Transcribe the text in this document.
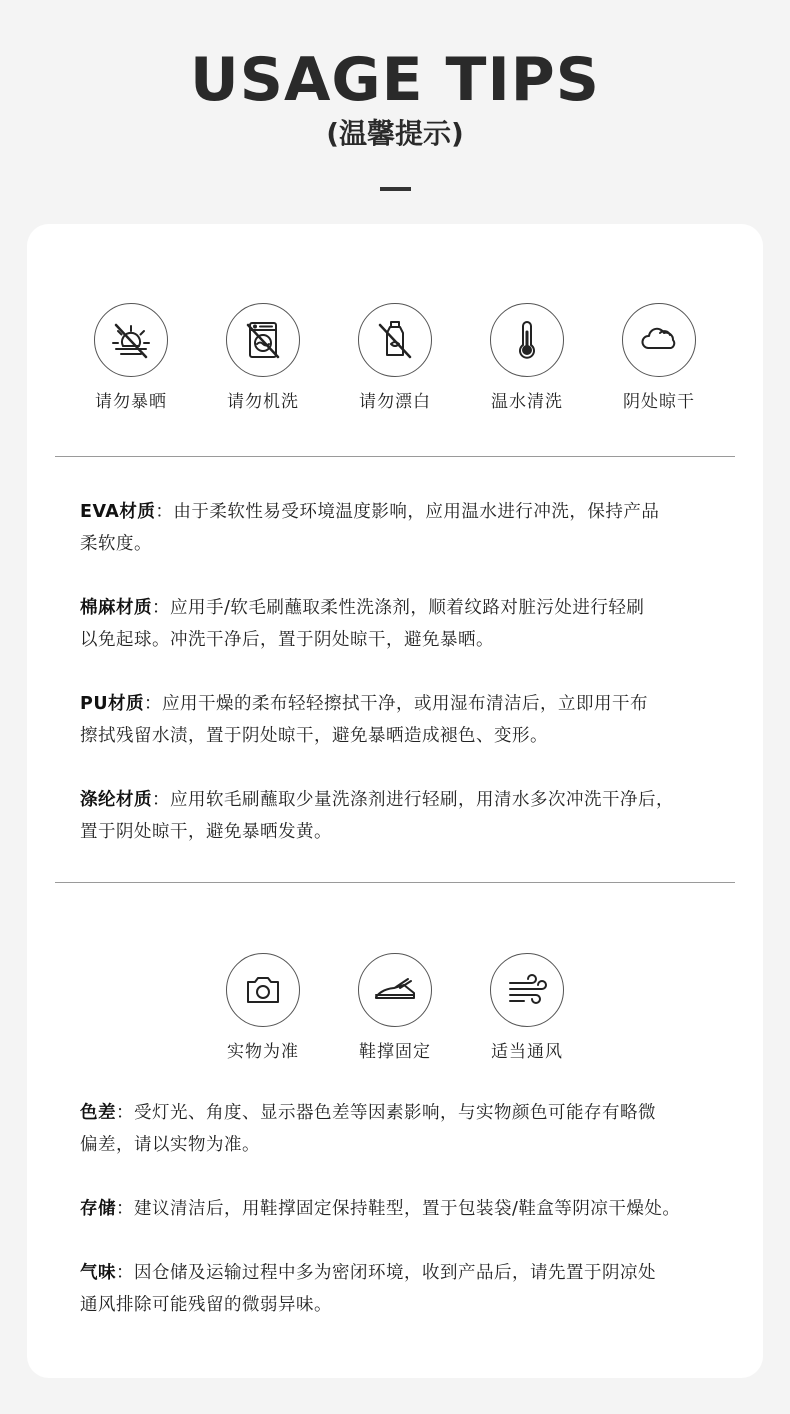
USAGE TIPS
(温馨提示)
请勿暴晒	请勿机洗	请勿漂白	温水清洗	阴处晾干
EVA材质：由于柔软性易受环境温度影响，应用温水进行冲洗，保持产品
柔软度。
棉麻材质：应用手/软毛刷蘸取柔性洗涤剂，顺着纹路对脏污处进行轻刷
以免起球。冲洗干净后，置于阴处晾干，避免暴晒。
PU材质：应用干燥的柔布轻轻擦拭干净，或用湿布清洁后，立即用干布
擦拭残留水渍，置于阴处晾干，避免暴晒造成褪色、变形。
涤纶材质：应用软毛刷蘸取少量洗涤剂进行轻刷，用清水多次冲洗干净后，
置于阴处晾干，避免暴晒发黄。
实物为准	鞋撑固定	适当通风
色差：受灯光、角度、显示器色差等因素影响，与实物颜色可能存有略微
偏差，请以实物为准。
存储：建议清洁后，用鞋撑固定保持鞋型，置于包装袋/鞋盒等阴凉干燥处。
气味：因仓储及运输过程中多为密闭环境，收到产品后，请先置于阴凉处
通风排除可能残留的微弱异味。
